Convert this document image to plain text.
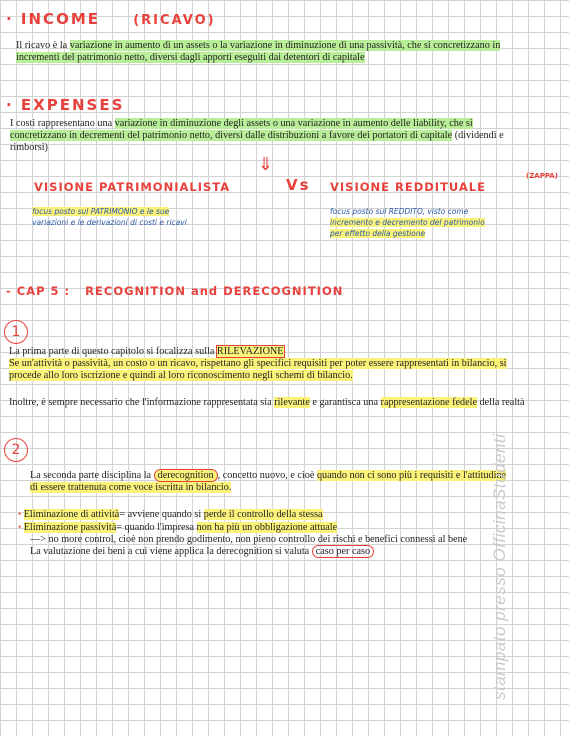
· INCOME	(RICAVO)
Il ricavo è la variazione in aumento di un assets o la variazione in diminuzione di una passività, che si concretizzano in
incrementi del patrimonio netto, diversi dagli apporti eseguiti dai detentori di capitale
· EXPENSES
I costi rappresentano una variazione in diminuzione degli assets o una variazione in aumento delle liability, che si
concretizzano in decrementi del patrimonio netto, diversi dalle distribuzioni a favore dei portatori di capitale (dividendi e
rimborsi)
⇓
VISIONE PATRIMONIALISTA	Vs VISIONE REDDITUALE
(ZAPPA)
focus posto sul PATRIMONIO e le sue
variazioni e le derivazioni di costi e ricavi
focus posto sul REDDITO, visto come
incremento e decremento del patrimonio
per effetto della gestione
- CAP 5 :   RECOGNITION and DERECOGNITION
1
La prima parte di questo capitolo si focalizza sulla RILEVAZIONE
Se un'attività o passività, un costo o un ricavo, rispettano gli specifici requisiti per poter essere rappresentati in bilancio, si
procede allo loro iscrizione e quindi al loro riconoscimento negli schemi di bilancio.
Inoltre, è sempre necessario che l'informazione rappresentata sia rilevante e garantisca una rappresentazione fedele della realtà
2
La seconda parte disciplina la derecognition , concetto nuovo, e cioè quando non ci sono più i requisiti e l'attitudine
di essere trattenuta come voce iscritta in bilancio.
• Eliminazione di attività= avviene quando si perde il controllo della stessa
• Eliminazione passività= quando l'impresa non ha più un obbligazione attuale
—> no more control, cioè non prendo godimento, non pieno controllo dei rischi e benefici connessi al bene
La valutazione dei beni a cui viene applica la derecognition si valuta caso per caso	stampato presso OfficinaStudenti
